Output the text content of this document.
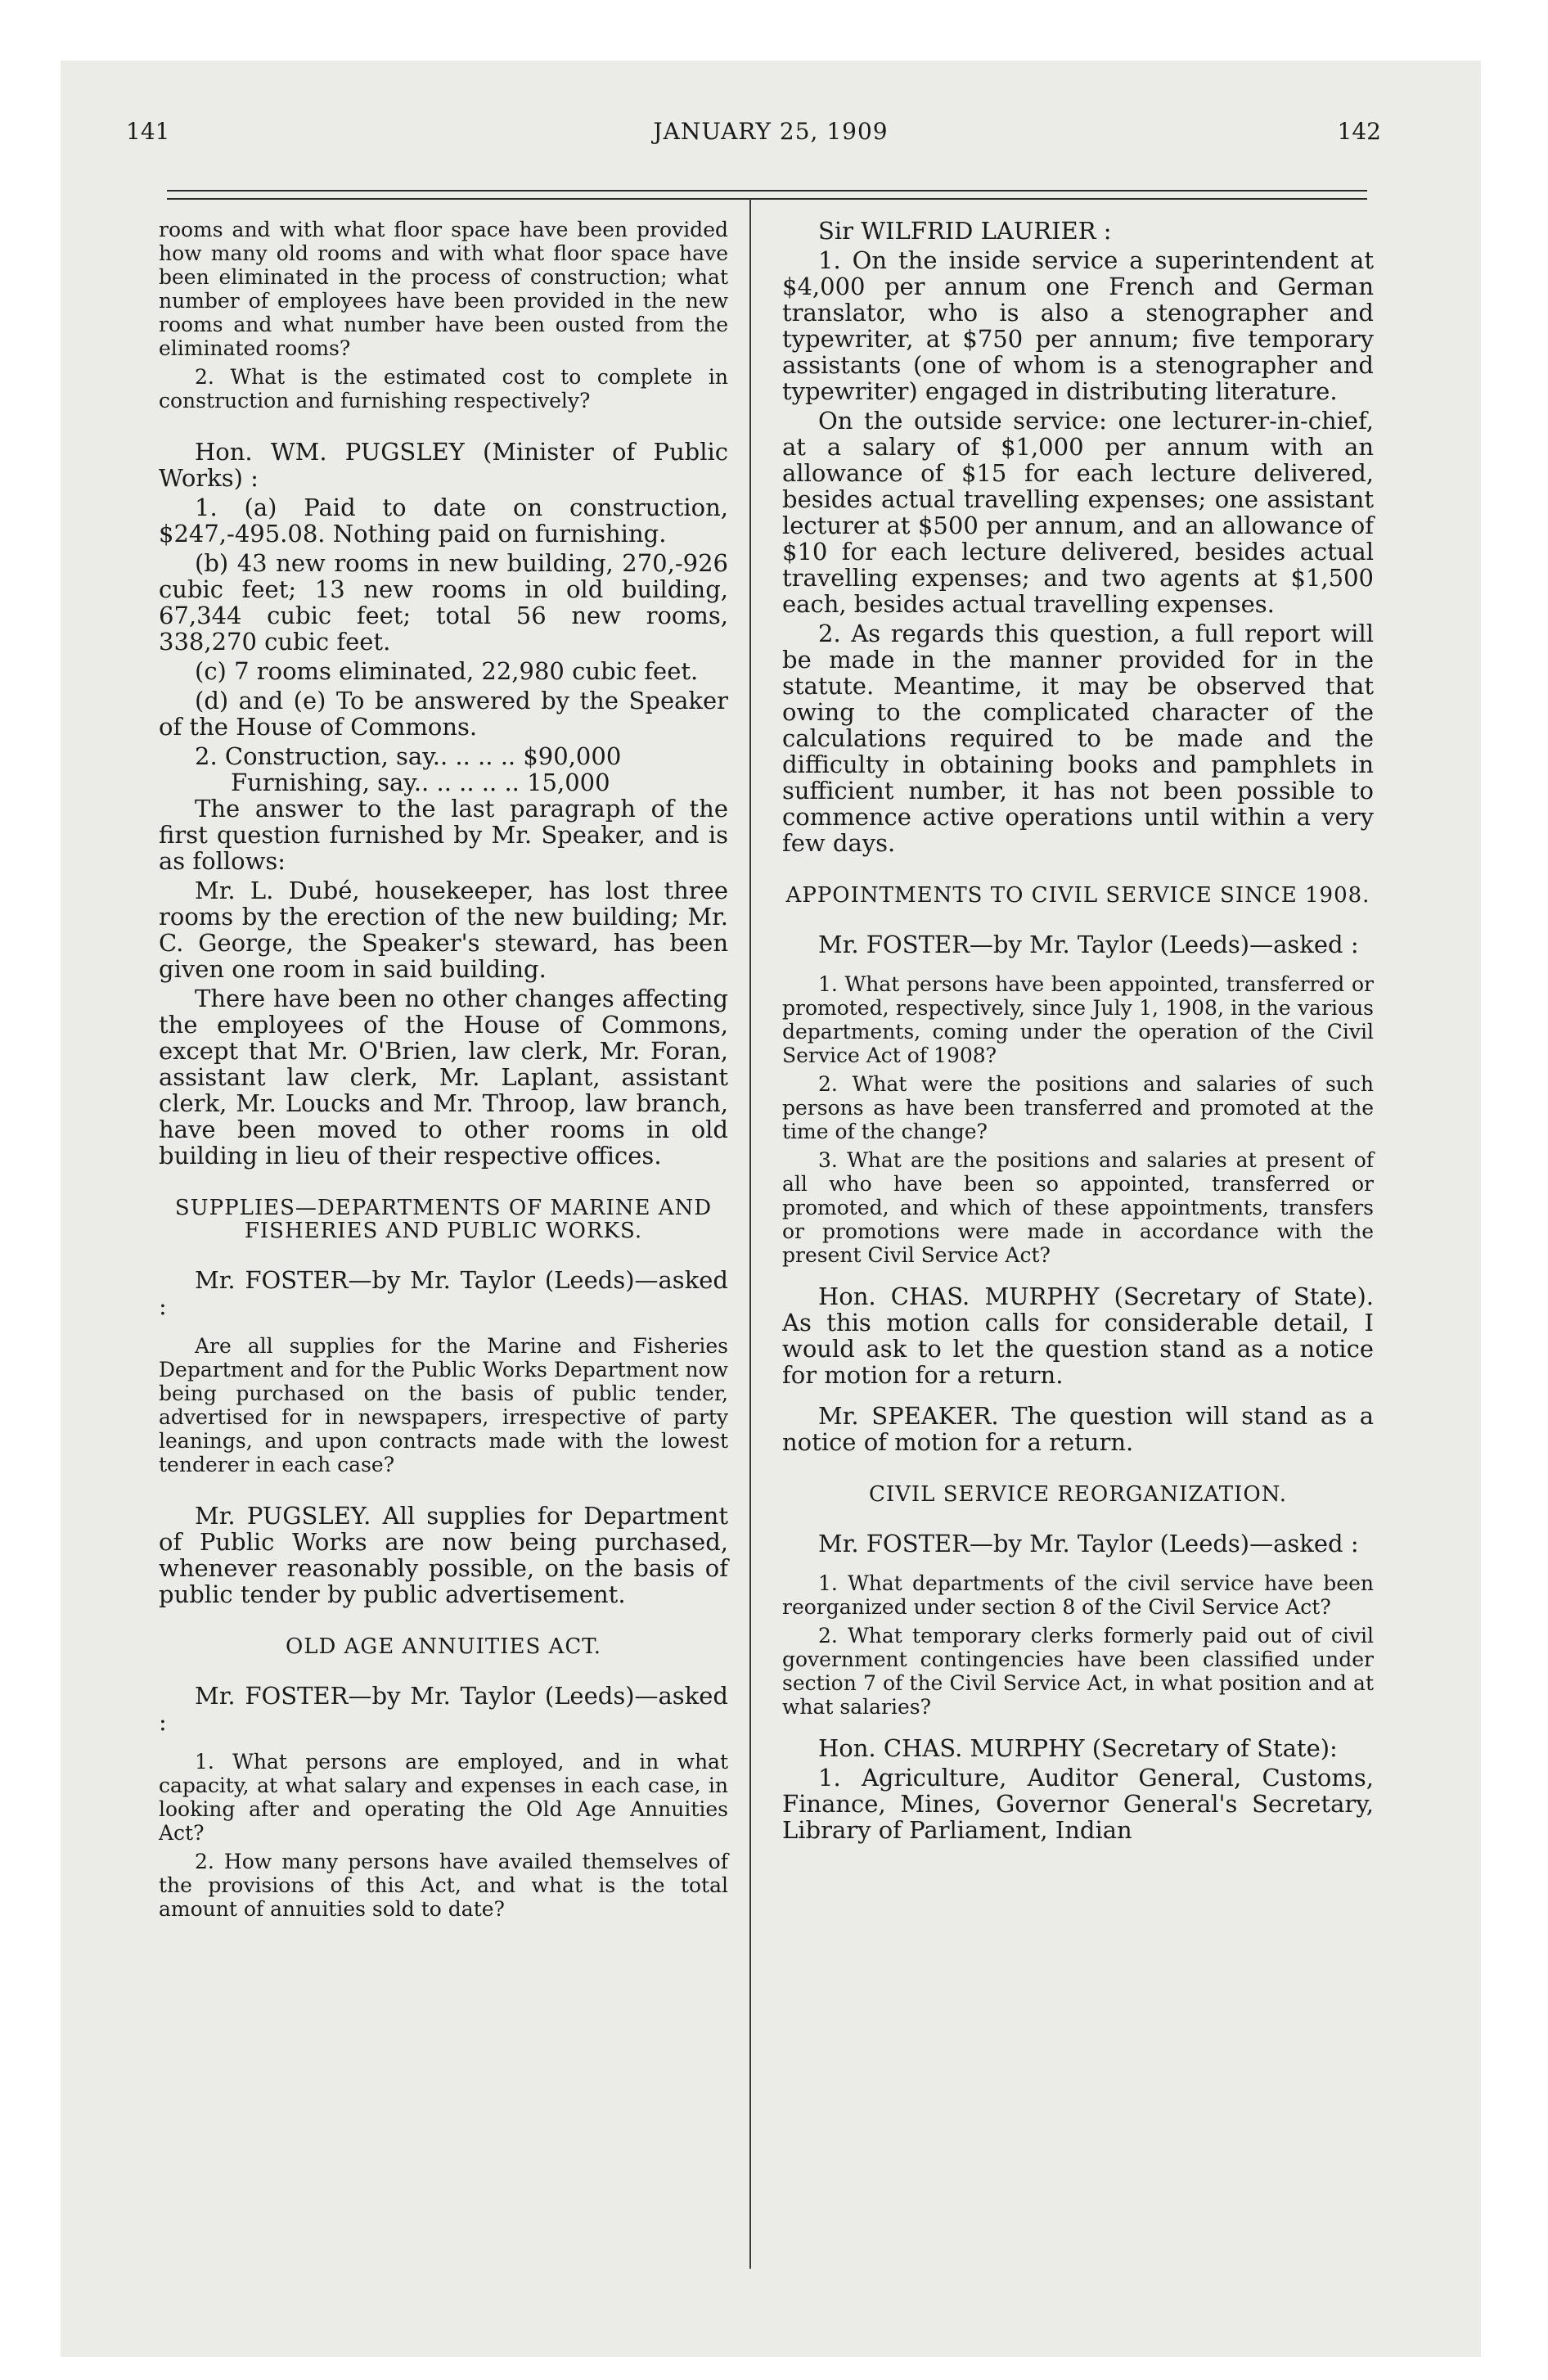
141	JANUARY 25, 1909	142

rooms and with what floor space have been provided how many old rooms and with what floor space have been eliminated in the process of construction; what number of employees have been provided in the new rooms and what number have been ousted from the eliminated rooms?

2. What is the estimated cost to complete in construction and furnishing respectively?

Hon. WM. PUGSLEY (Minister of Public Works) :

1. (a) Paid to date on construction, $247,-495.08. Nothing paid on furnishing.

(b) 43 new rooms in new building, 270,-926 cubic feet; 13 new rooms in old building, 67,344 cubic feet; total 56 new rooms, 338,270 cubic feet.

(c) 7 rooms eliminated, 22,980 cubic feet.

(d) and (e) To be answered by the Speaker of the House of Commons.

2. Construction, say.. .. .. .. $90,000
Furnishing, say.. .. .. .. .. 15,000

The answer to the last paragraph of the first question furnished by Mr. Speaker, and is as follows:

Mr. L. Dubé, housekeeper, has lost three rooms by the erection of the new building; Mr. C. George, the Speaker's steward, has been given one room in said building.

There have been no other changes affecting the employees of the House of Commons, except that Mr. O'Brien, law clerk, Mr. Foran, assistant law clerk, Mr. Laplant, assistant clerk, Mr. Loucks and Mr. Throop, law branch, have been moved to other rooms in old building in lieu of their respective offices.

SUPPLIES—DEPARTMENTS OF MARINE AND FISHERIES AND PUBLIC WORKS.

Mr. FOSTER—by Mr. Taylor (Leeds)—asked :

Are all supplies for the Marine and Fisheries Department and for the Public Works Department now being purchased on the basis of public tender, advertised for in newspapers, irrespective of party leanings, and upon contracts made with the lowest tenderer in each case?

Mr. PUGSLEY. All supplies for Department of Public Works are now being purchased, whenever reasonably possible, on the basis of public tender by public advertisement.

OLD AGE ANNUITIES ACT.

Mr. FOSTER—by Mr. Taylor (Leeds)—asked :

1. What persons are employed, and in what capacity, at what salary and expenses in each case, in looking after and operating the Old Age Annuities Act?

2. How many persons have availed themselves of the provisions of this Act, and what is the total amount of annuities sold to date?

Sir WILFRID LAURIER :

1. On the inside service a superintendent at $4,000 per annum one French and German translator, who is also a stenographer and typewriter, at $750 per annum; five temporary assistants (one of whom is a stenographer and typewriter) engaged in distributing literature.

On the outside service: one lecturer-in-chief, at a salary of $1,000 per annum with an allowance of $15 for each lecture delivered, besides actual travelling expenses; one assistant lecturer at $500 per annum, and an allowance of $10 for each lecture delivered, besides actual travelling expenses; and two agents at $1,500 each, besides actual travelling expenses.

2. As regards this question, a full report will be made in the manner provided for in the statute. Meantime, it may be observed that owing to the complicated character of the calculations required to be made and the difficulty in obtaining books and pamphlets in sufficient number, it has not been possible to commence active operations until within a very few days.

APPOINTMENTS TO CIVIL SERVICE SINCE 1908.

Mr. FOSTER—by Mr. Taylor (Leeds)—asked :

1. What persons have been appointed, transferred or promoted, respectively, since July 1, 1908, in the various departments, coming under the operation of the Civil Service Act of 1908?

2. What were the positions and salaries of such persons as have been transferred and promoted at the time of the change?

3. What are the positions and salaries at present of all who have been so appointed, transferred or promoted, and which of these appointments, transfers or promotions were made in accordance with the present Civil Service Act?

Hon. CHAS. MURPHY (Secretary of State). As this motion calls for considerable detail, I would ask to let the question stand as a notice for motion for a return.

Mr. SPEAKER. The question will stand as a notice of motion for a return.

CIVIL SERVICE REORGANIZATION.

Mr. FOSTER—by Mr. Taylor (Leeds)—asked :

1. What departments of the civil service have been reorganized under section 8 of the Civil Service Act?

2. What temporary clerks formerly paid out of civil government contingencies have been classified under section 7 of the Civil Service Act, in what position and at what salaries?

Hon. CHAS. MURPHY (Secretary of State):

1. Agriculture, Auditor General, Customs, Finance, Mines, Governor General's Secretary, Library of Parliament, Indian
